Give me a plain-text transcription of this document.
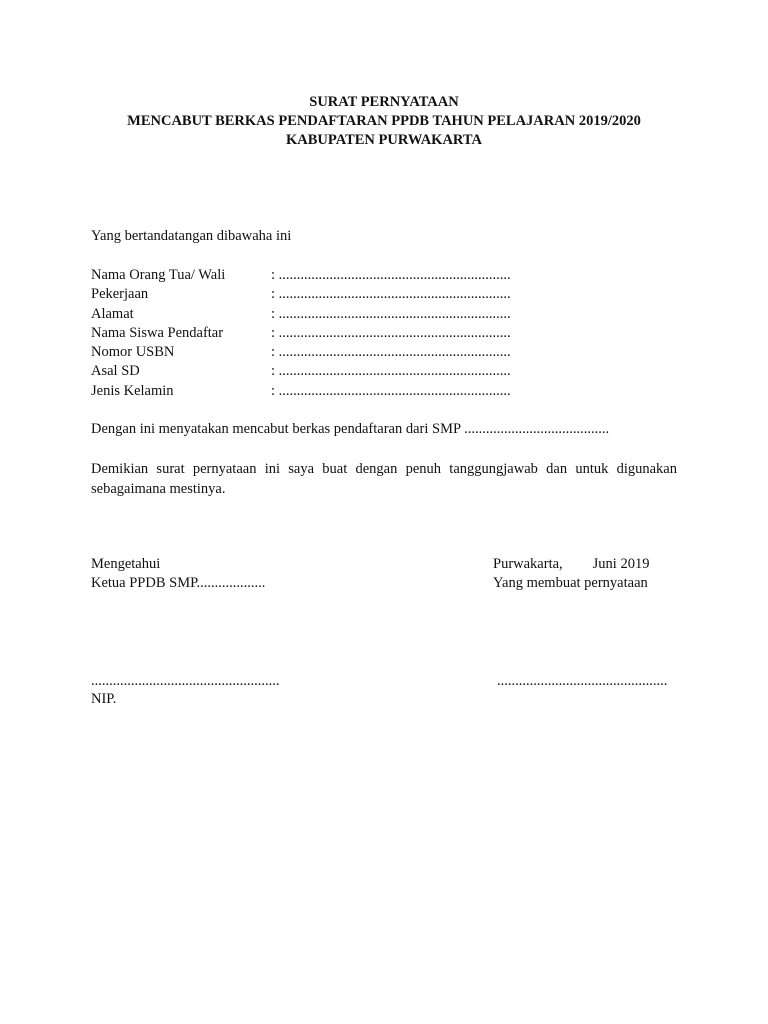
SURAT PERNYATAAN
MENCABUT BERKAS PENDAFTARAN PPDB TAHUN PELAJARAN 2019/2020
KABUPATEN PURWAKARTA
Yang bertandatangan dibawaha ini
Nama Orang Tua/ Wali	: ................................................................
Pekerjaan	: ................................................................
Alamat	: ................................................................
Nama Siswa Pendaftar	: ................................................................
Nomor USBN	: ................................................................
Asal SD	: ................................................................
Jenis Kelamin	: ................................................................
Dengan ini menyatakan mencabut berkas pendaftaran dari SMP ........................................
Demikian surat pernyataan ini saya buat dengan penuh tanggungjawab dan untuk digunakan sebagaimana mestinya.
Mengetahui
Ketua PPDB SMP...................
Purwakarta, Juni 2019
Yang membuat pernyataan
....................................................	...............................................
NIP.
